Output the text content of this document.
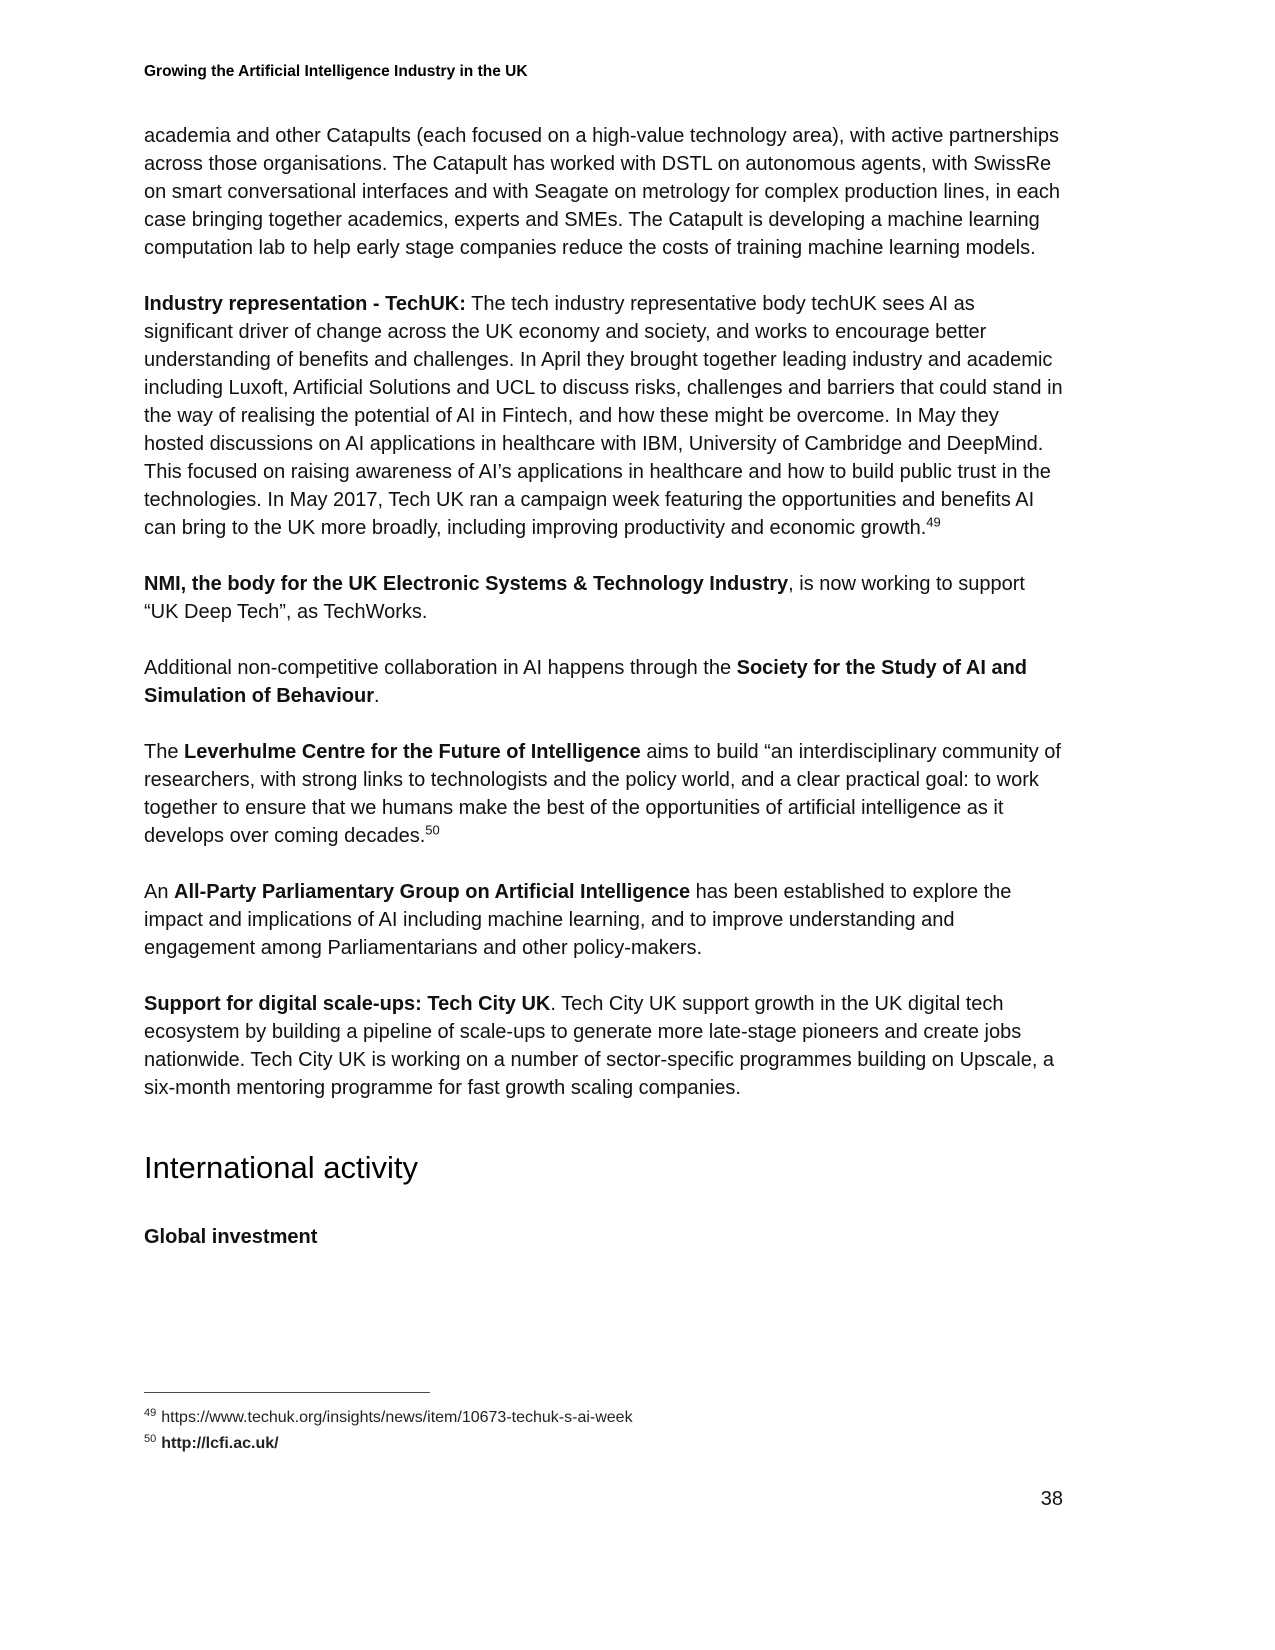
Growing the Artificial Intelligence Industry in the UK

academia and other Catapults (each focused on a high-value technology area), with active partnerships across those organisations. The Catapult has worked with DSTL on autonomous agents, with SwissRe on smart conversational interfaces and with Seagate on metrology for complex production lines, in each case bringing together academics, experts and SMEs. The Catapult is developing a machine learning computation lab to help early stage companies reduce the costs of training machine learning models.

Industry representation - TechUK: The tech industry representative body techUK sees AI as significant driver of change across the UK economy and society, and works to encourage better understanding of benefits and challenges. In April they brought together leading industry and academic including Luxoft, Artificial Solutions and UCL to discuss risks, challenges and barriers that could stand in the way of realising the potential of AI in Fintech, and how these might be overcome. In May they hosted discussions on AI applications in healthcare with IBM, University of Cambridge and DeepMind. This focused on raising awareness of AI’s applications in healthcare and how to build public trust in the technologies. In May 2017, Tech UK ran a campaign week featuring the opportunities and benefits AI can bring to the UK more broadly, including improving productivity and economic growth.$^{49}$

NMI, the body for the UK Electronic Systems & Technology Industry, is now working to support “UK Deep Tech”, as TechWorks.

Additional non-competitive collaboration in AI happens through the Society for the Study of AI and Simulation of Behaviour.

The Leverhulme Centre for the Future of Intelligence aims to build “an interdisciplinary community of researchers, with strong links to technologists and the policy world, and a clear practical goal: to work together to ensure that we humans make the best of the opportunities of artificial intelligence as it develops over coming decades.$^{50}$

An All-Party Parliamentary Group on Artificial Intelligence has been established to explore the impact and implications of AI including machine learning, and to improve understanding and engagement among Parliamentarians and other policy-makers.

Support for digital scale-ups: Tech City UK. Tech City UK support growth in the UK digital tech ecosystem by building a pipeline of scale-ups to generate more late-stage pioneers and create jobs nationwide. Tech City UK is working on a number of sector-specific programmes building on Upscale, a six-month mentoring programme for fast growth scaling companies.

International activity
Global investment
$^{49}$ https://www.techuk.org/insights/news/item/10673-techuk-s-ai-week
$^{50}$ http://lcfi.ac.uk/
38
